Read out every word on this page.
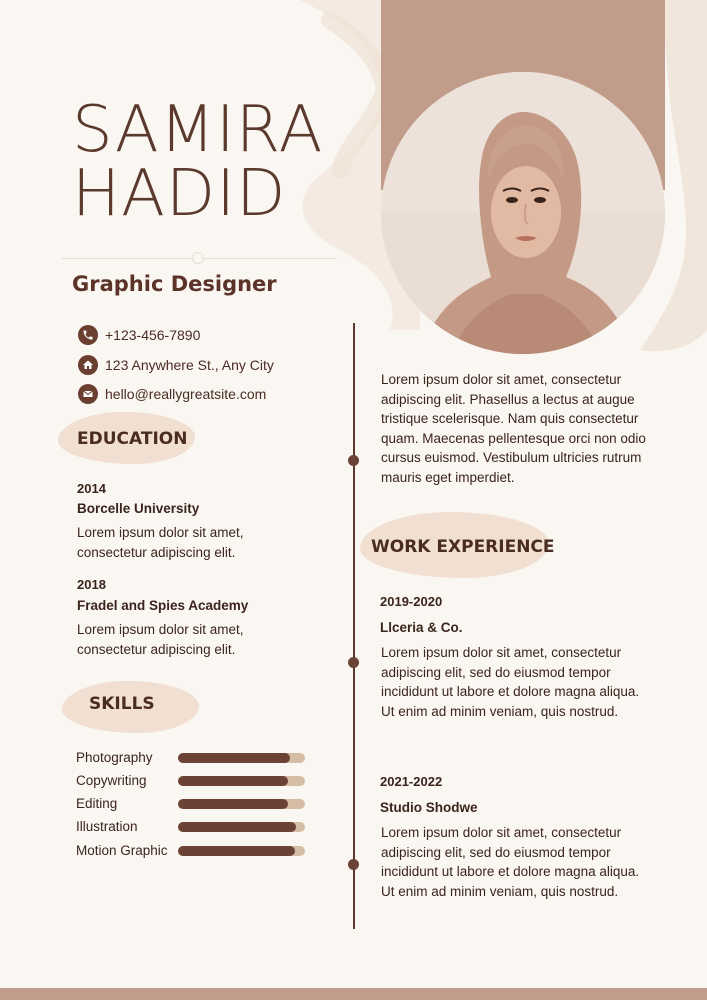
SAMIRA
HADID
Graphic Designer
+123-456-7890
123 Anywhere St., Any City
hello@reallygreatsite.com
EDUCATION
2014
Borcelle University
Lorem ipsum dolor sit amet, consectetur adipiscing elit.
2018
Fradel and Spies Academy
Lorem ipsum dolor sit amet, consectetur adipiscing elit.
SKILLS
Photography
Copywriting
Editing
Illustration
Motion Graphic
Lorem ipsum dolor sit amet, consectetur adipiscing elit. Phasellus a lectus at augue tristique scelerisque. Nam quis consectetur quam. Maecenas pellentesque orci non odio cursus euismod. Vestibulum ultricies rutrum mauris eget imperdiet.
WORK EXPERIENCE
2019-2020
Llceria & Co.
Lorem ipsum dolor sit amet, consectetur adipiscing elit, sed do eiusmod tempor incididunt ut labore et dolore magna aliqua. Ut enim ad minim veniam, quis nostrud.
2021-2022
Studio Shodwe
Lorem ipsum dolor sit amet, consectetur adipiscing elit, sed do eiusmod tempor incididunt ut labore et dolore magna aliqua. Ut enim ad minim veniam, quis nostrud.
